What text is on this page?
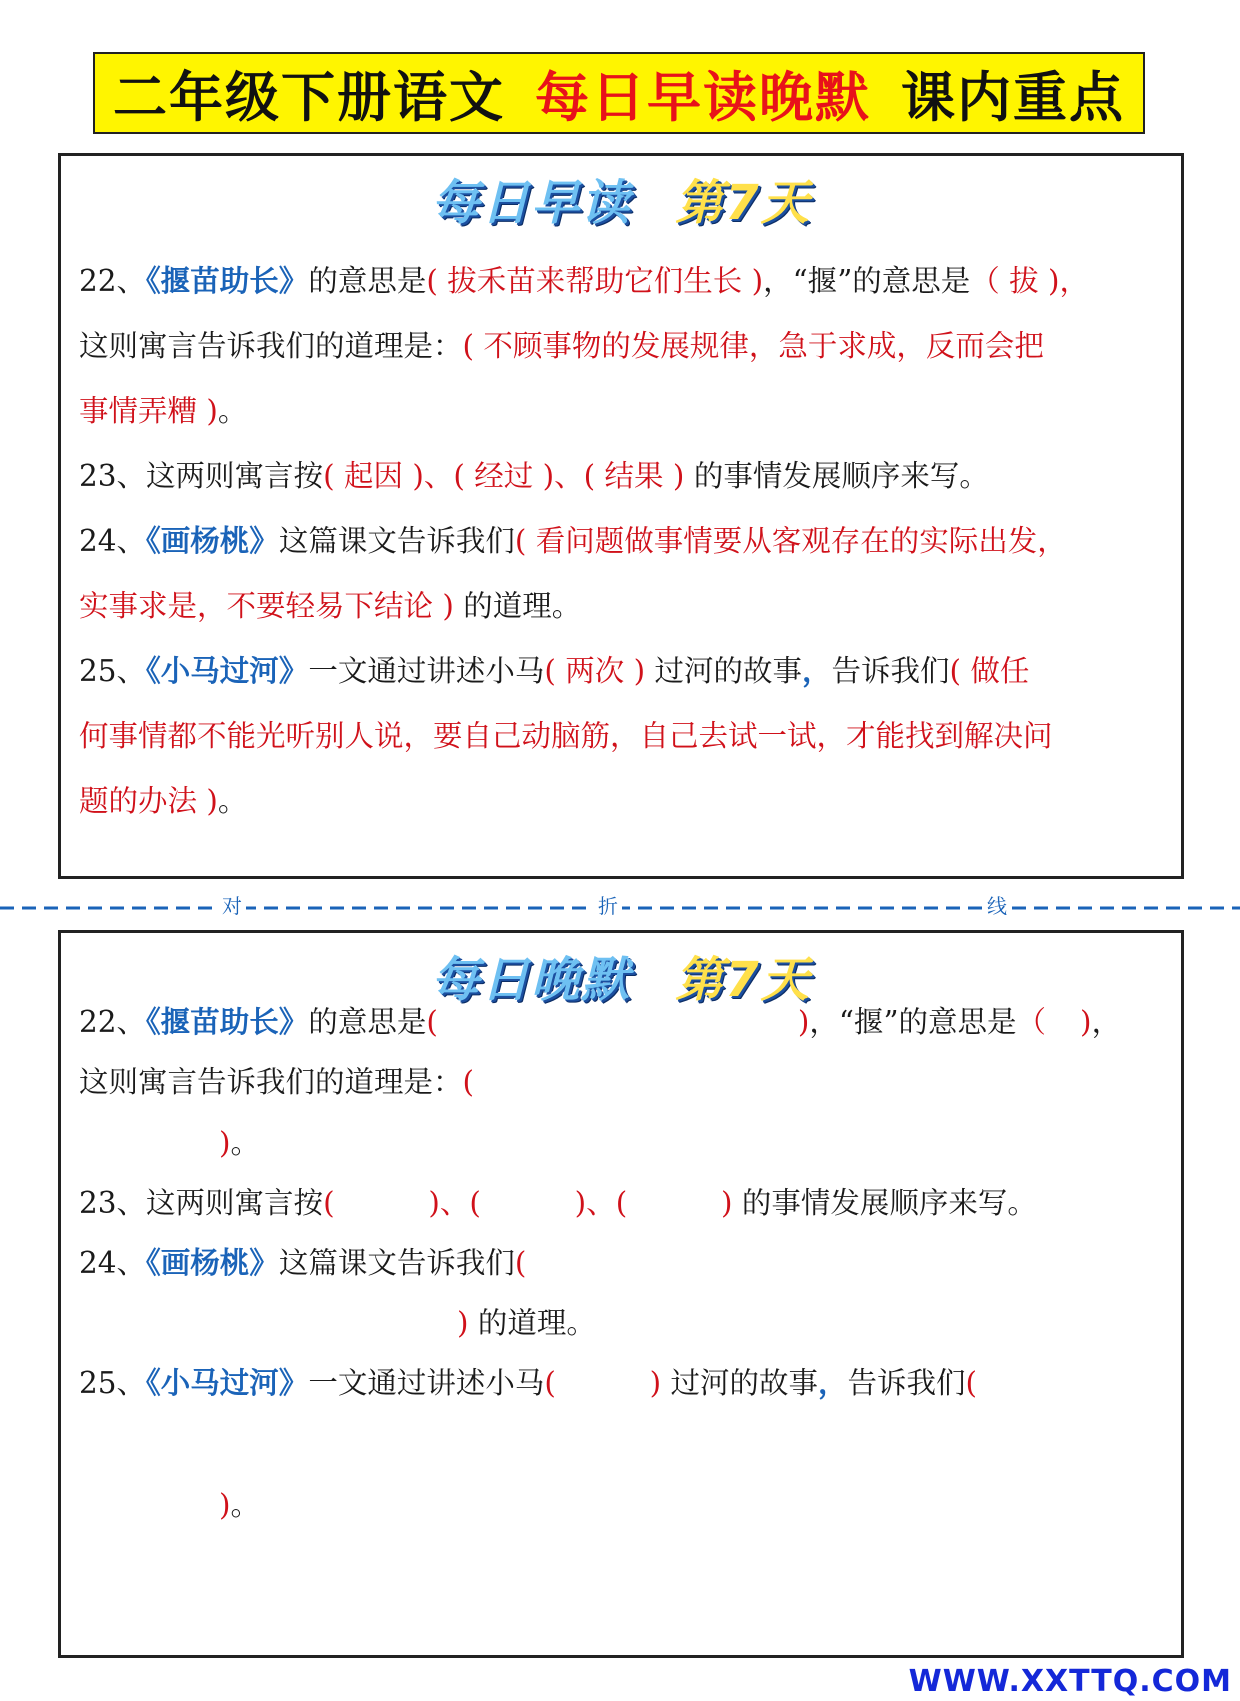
二年级下册语文 每日早读晚默 课内重点
每日早读 第7天
22、《揠苗助长》的意思是( 拔禾苗来帮助它们生长 )，“揠”的意思是（ 拔 )，
这则寓言告诉我们的道理是：( 不顾事物的发展规律，急于求成，反而会把
事情弄糟 )。
23、这两则寓言按( 起因 )、( 经过 )、( 结果 ) 的事情发展顺序来写。
24、《画杨桃》这篇课文告诉我们( 看问题做事情要从客观存在的实际出发，
实事求是，不要轻易下结论 ) 的道理。
25、《小马过河》一文通过讲述小马( 两次 ) 过河的故事，告诉我们( 做任
何事情都不能光听别人说，要自己动脑筋，自己去试一试，才能找到解决问
题的办法 )。
对	折	线
每日晚默 第7天
22、《揠苗助长》的意思是(	)，“揠”的意思是（ )，
这则寓言告诉我们的道理是：(
)。
23、这两则寓言按(          )、(          )、(          ) 的事情发展顺序来写。
24、《画杨桃》这篇课文告诉我们(
) 的道理。
25、《小马过河》一文通过讲述小马(          ) 过河的故事，告诉我们(
)。
WWW.XXTTQ.COM
